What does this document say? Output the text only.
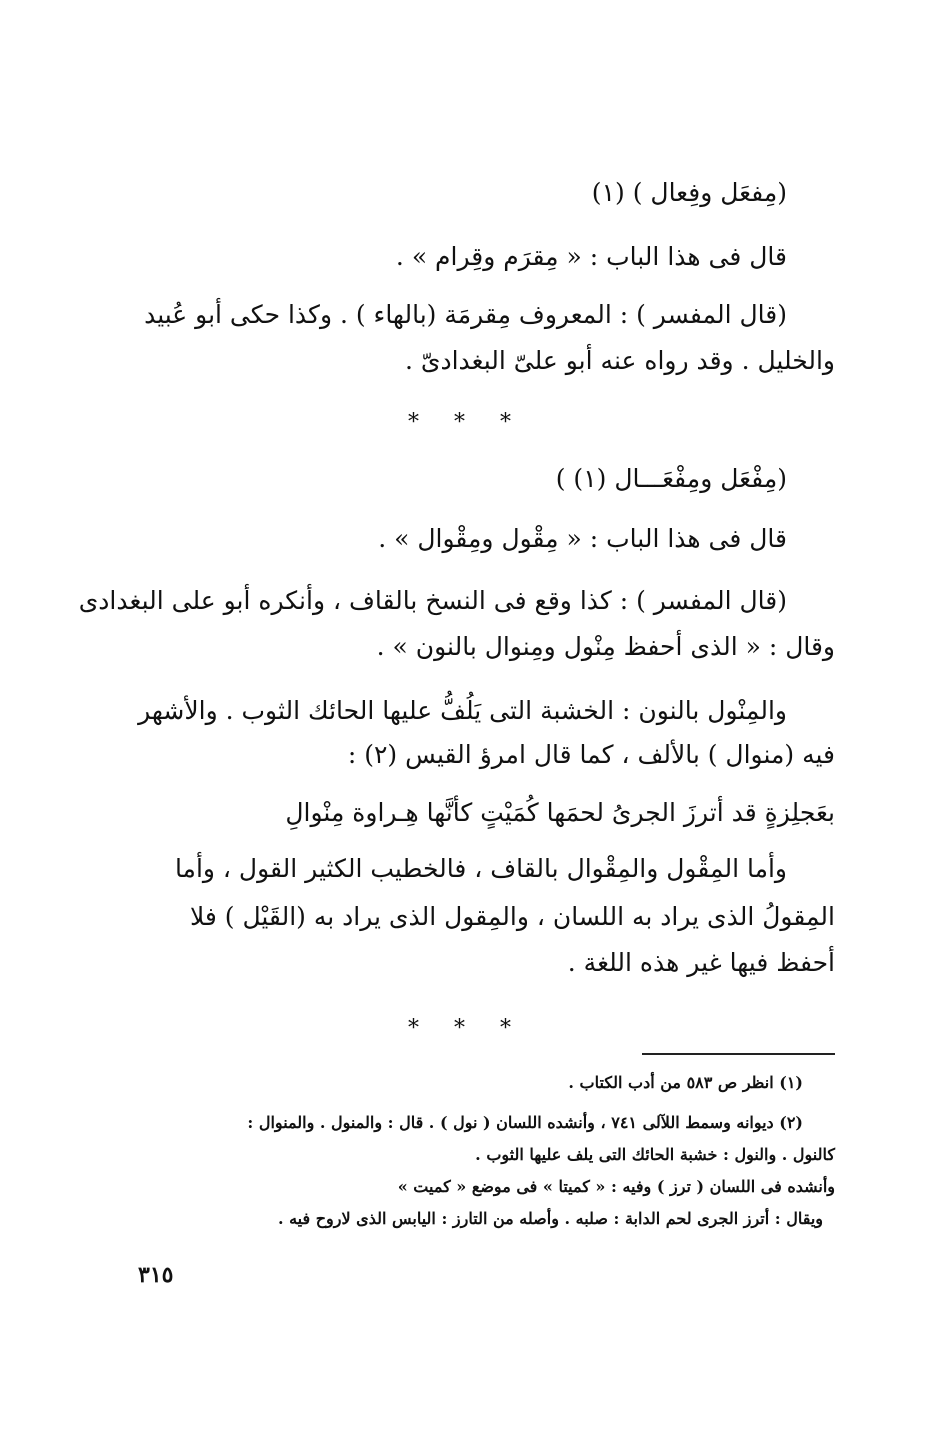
(مِفعَل وفِعال ) (١)
قال فى هذا الباب : « مِقرَم وقِرام » .
(قال المفسر ) : المعروف مِقرمَة (بالهاء ) . وكذا حكى أبو عُبيد
والخليل . وقد رواه عنه أبو علىّ البغدادىّ .
* * *
(مِفْعَل ومِفْعَـــال (١) )
قال فى هذا الباب : « مِقْول ومِقْوال » .
(قال المفسر ) : كذا وقع فى النسخ بالقاف ، وأنكره أبو على البغدادى
وقال : « الذى أحفظ مِنْول ومِنوال بالنون » .
والمِنْول بالنون : الخشبة التى يَلُفُّ عليها الحائك الثوب . والأشهر
فيه (منوال ) بالألف ، كما قال امرؤ القيس (٢) :
بعَجلِزةٍ قد أترزَ الجرىُ لحمَها كُمَيْتٍ كأنَّها هِـراوة مِنْوالِ
وأما المِقْول والمِقْوال بالقاف ، فالخطيب الكثير القول ، وأما
المِقولُ الذى يراد به اللسان ، والمِقول الذى يراد به (القَيْل ) فلا
أحفظ فيها غير هذه اللغة .
* * *
(١) انظر ص ٥٨٣ من أدب الكتاب .
(٢) ديوانه وسمط اللآلى ٧٤١ ، وأنشده اللسان ( نول ) . قال : والمنول . والمنوال :
كالنول . والنول : خشبة الحائك التى يلف عليها الثوب .
وأنشده فى اللسان ( ترز ) وفيه : « كميتا » فى موضع « كميت »
ويقال : أترز الجرى لحم الدابة : صلبه . وأصله من التارز : اليابس الذى لاروح فيه .
٣١٥
